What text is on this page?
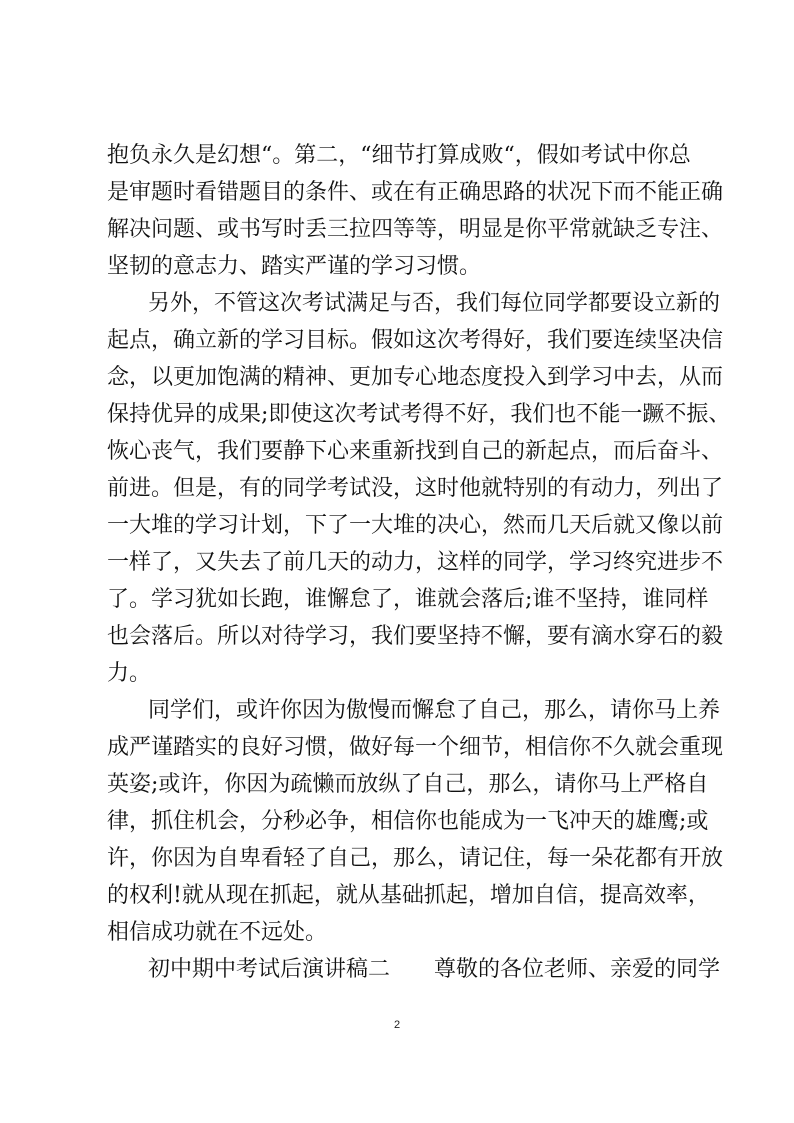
抱负永久是幻想“。第二，“细节打算成败“，假如考试中你总
是审题时看错题目的条件、或在有正确思路的状况下而不能正确
解决问题、或书写时丢三拉四等等，明显是你平常就缺乏专注、
坚韧的意志力、踏实严谨的学习习惯。
另外，不管这次考试满足与否，我们每位同学都要设立新的
起点，确立新的学习目标。假如这次考得好，我们要连续坚决信
念，以更加饱满的精神、更加专心地态度投入到学习中去，从而
保持优异的成果;即使这次考试考得不好，我们也不能一蹶不振、
恢心丧气，我们要静下心来重新找到自己的新起点，而后奋斗、
前进。但是，有的同学考试没，这时他就特别的有动力，列出了
一大堆的学习计划，下了一大堆的决心，然而几天后就又像以前
一样了，又失去了前几天的动力，这样的同学，学习终究进步不
了。学习犹如长跑，谁懈怠了，谁就会落后;谁不坚持，谁同样
也会落后。所以对待学习，我们要坚持不懈，要有滴水穿石的毅
力。
同学们，或许你因为傲慢而懈怠了自己，那么，请你马上养
成严谨踏实的良好习惯，做好每一个细节，相信你不久就会重现
英姿;或许，你因为疏懒而放纵了自己，那么，请你马上严格自
律，抓住机会，分秒必争，相信你也能成为一飞冲天的雄鹰;或
许，你因为自卑看轻了自己，那么，请记住，每一朵花都有开放
的权利!就从现在抓起，就从基础抓起，增加自信，提高效率，
相信成功就在不远处。
初中期中考试后演讲稿二　　尊敬的各位老师、亲爱的同学
2
